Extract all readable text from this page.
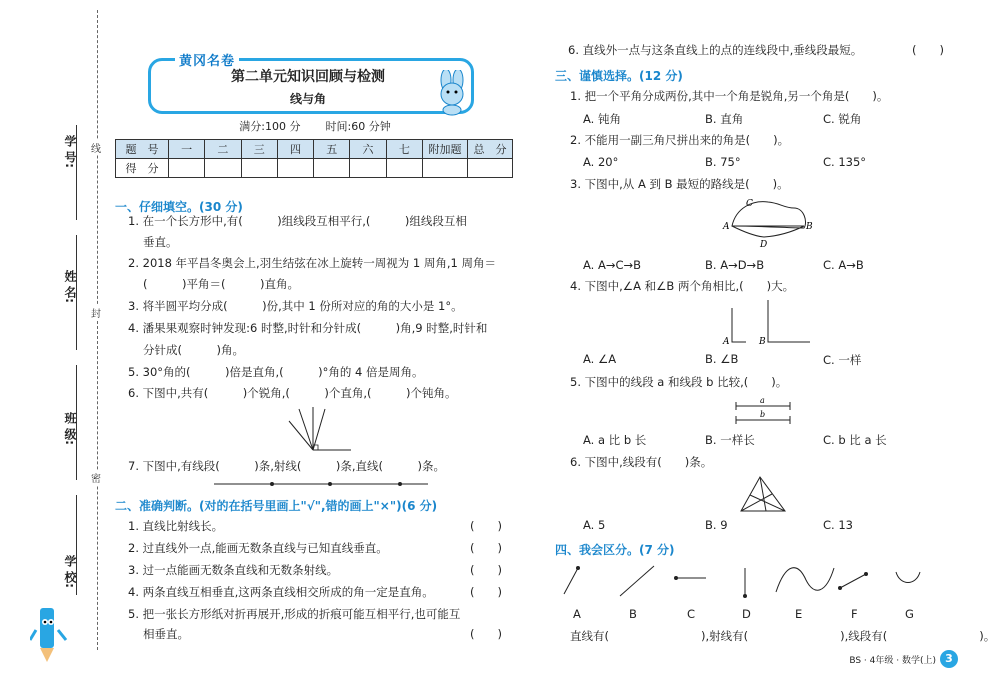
学 号:
姓 名:
班 级:
学 校:
线
封
密
黄冈名卷
第二单元知识回顾与检测
线与角
满分:100 分 时间:60 分钟
题　号	一	二	三	四	五	六	七	附加题	总　分
得　分									
一、仔细填空。(30 分)
1. 在一个长方形中,有(　　　)组线段互相平行,(　　　)组线段互相
垂直。
2. 2018 年平昌冬奥会上,羽生结弦在冰上旋转一周视为 1 周角,1 周角＝
(　　　)平角＝(　　　)直角。
3. 将半圆平均分成(　　　)份,其中 1 份所对应的角的大小是 1°。
4. 潘果果观察时钟发现:6 时整,时针和分针成(　　　)角,9 时整,时针和
分针成(　　　)角。
5. 30°角的(　　　)倍是直角,(　　　)°角的 4 倍是周角。
6. 下图中,共有(　　　)个锐角,(　　　)个直角,(　　　)个钝角。
7. 下图中,有线段(　　　)条,射线(　　　)条,直线(　　　)条。
二、准确判断。(对的在括号里画上"√",错的画上"×")(6 分)
1. 直线比射线长。	(　　)
2. 过直线外一点,能画无数条直线与已知直线垂直。	(　　)
3. 过一点能画无数条直线和无数条射线。	(　　)
4. 两条直线互相垂直,这两条直线相交所成的角一定是直角。	(　　)
5. 把一张长方形纸对折再展开,形成的折痕可能互相平行,也可能互
相垂直。	(　　)
6. 直线外一点与这条直线上的点的连线段中,垂线段最短。	(　　)
三、谨慎选择。(12 分)
1. 把一个平角分成两份,其中一个角是锐角,另一个角是(　　)。
A. 钝角	B. 直角	C. 锐角
2. 不能用一副三角尺拼出来的角是(　　)。
A. 20°	B. 75°	C. 135°
3. 下图中,从 A 到 B 最短的路线是(　　)。
C
A	B
D
A. A→C→B	B. A→D→B	C. A→B
4. 下图中,∠A 和∠B 两个角相比,(　　)大。
A	B
A. ∠A	B. ∠B	C. 一样
5. 下图中的线段 a 和线段 b 比较,(　　)。
a
b
A. a 比 b 长	B. 一样长	C. b 比 a 长
6. 下图中,线段有(　　)条。
A. 5	B. 9	C. 13
四、我会区分。(7 分)
A	B	C	D	E	F	G
直线有(　　　　　　　　),射线有(　　　　　　　　),线段有(　　　　　　　　)。
BS · 4年级 · 数学(上) 3
